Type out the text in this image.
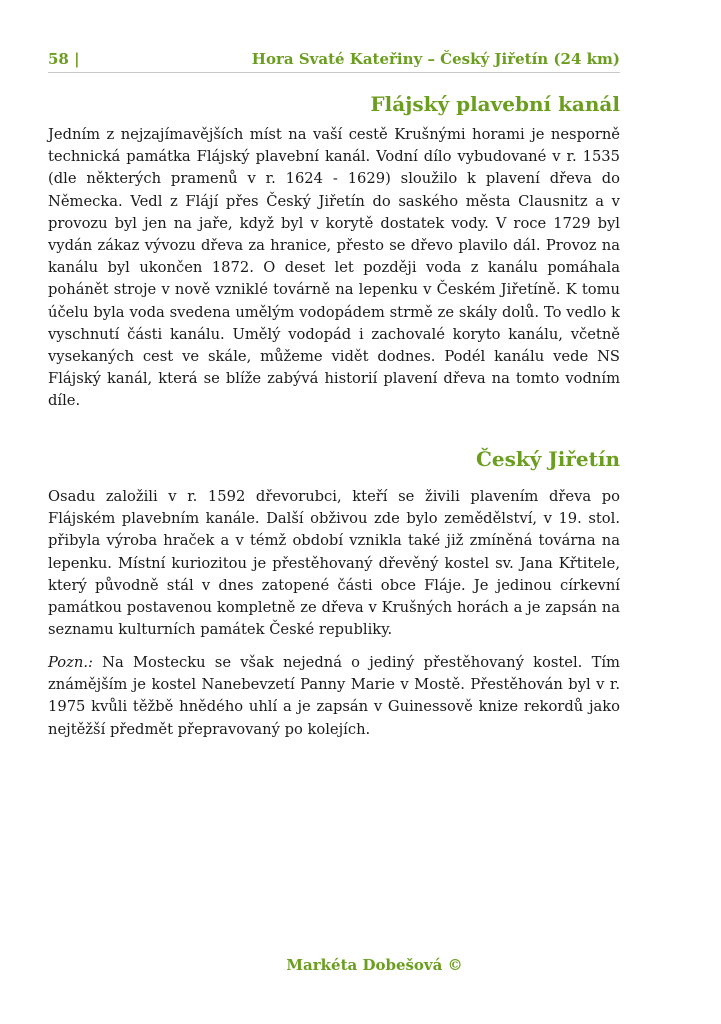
58 |	Hora Svaté Kateřiny – Český Jiřetín (24 km)
Flájský plavební kanál
Jedním z nejzajímavějších míst na vaší cestě Krušnými horami je nesporně technická památka Flájský plavební kanál. Vodní dílo vybudované v r. 1535 (dle některých pramenů v r. 1624 - 1629) sloužilo k plavení dřeva do Německa. Vedl z Flájí přes Český Jiřetín do saského města Clausnitz a v provozu byl jen na jaře, když byl v korytě dostatek vody. V roce 1729 byl vydán zákaz vývozu dřeva za hranice, přesto se dřevo plavilo dál. Provoz na kanálu byl ukončen 1872. O deset let později voda z kanálu pomáhala pohánět stroje v nově vzniklé továrně na lepenku v Českém Jiřetíně. K tomu účelu byla voda svedena umělým vodopádem strmě ze skály dolů. To vedlo k vyschnutí části kanálu. Umělý vodopád i zachovalé koryto kanálu, včetně vysekaných cest ve skále, můžeme vidět dodnes. Podél kanálu vede NS Flájský kanál, která se blíže zabývá historií plavení dřeva na tomto vodním díle.
Český Jiřetín
Osadu založili v r. 1592 dřevorubci, kteří se živili plavením dřeva po Flájském plavebním kanále. Další obživou zde bylo zemědělství, v 19. stol. přibyla výroba hraček a v témž období vznikla také již zmíněná továrna na lepenku. Místní kuriozitou je přestěhovaný dřevěný kostel sv. Jana Křtitele, který původně stál v dnes zatopené části obce Fláje. Je jedinou církevní památkou postavenou kompletně ze dřeva v Krušných horách a je zapsán na seznamu kulturních památek České republiky.
Pozn.: Na Mostecku se však nejedná o jediný přestěhovaný kostel. Tím známějším je kostel Nanebevzetí Panny Marie v Mostě. Přestěhován byl v r. 1975 kvůli těžbě hnědého uhlí a je zapsán v Guinessově knize rekordů jako nejtěžší předmět přepravovaný po kolejích.
Markéta Dobešová ©
